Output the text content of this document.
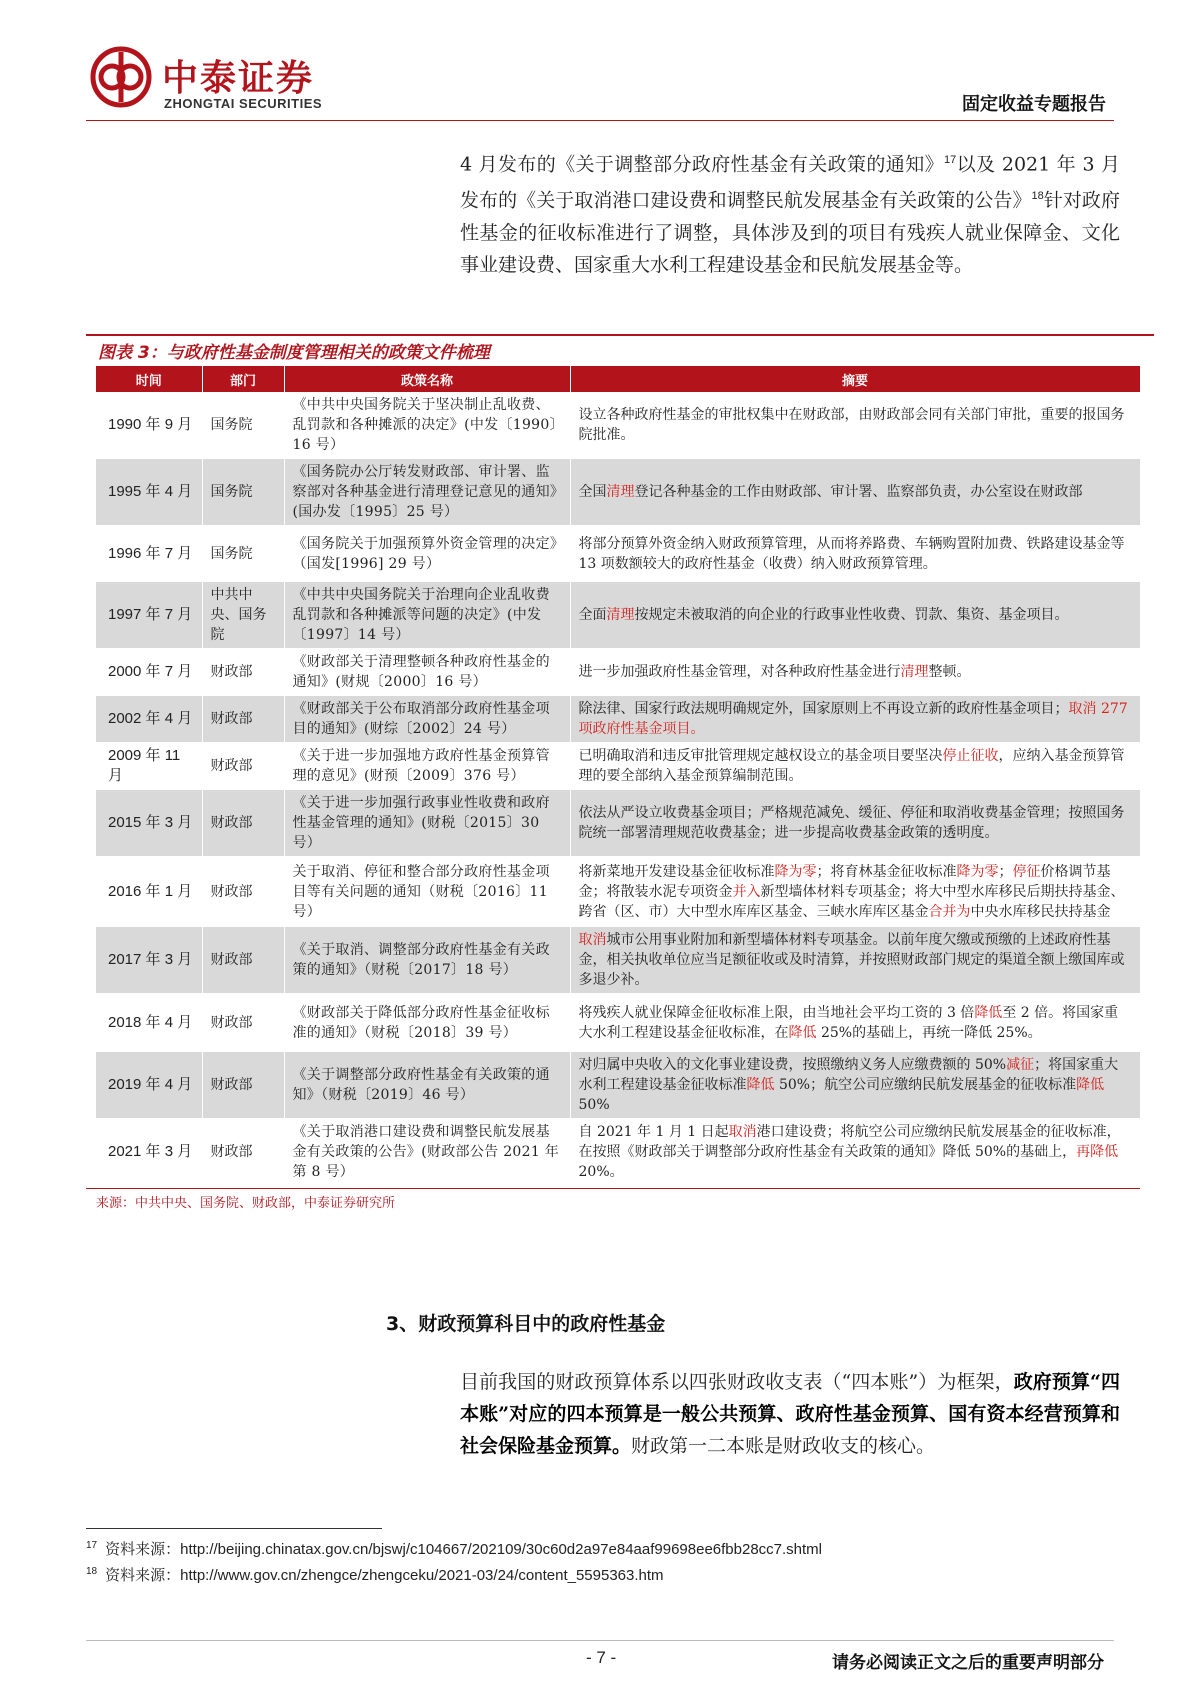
中泰证券
ZHONGTAI SECURITIES	固定收益专题报告
4 月发布的《关于调整部分政府性基金有关政策的通知》$^{17}$以及 2021 年 3 月发布的《关于取消港口建设费和调整民航发展基金有关政策的公告》$^{18}$针对政府性基金的征收标准进行了调整，具体涉及到的项目有残疾人就业保障金、文化事业建设费、国家重大水利工程建设基金和民航发展基金等。
图表 3：与政府性基金制度管理相关的政策文件梳理
时间	部门	政策名称	摘要
1990 年 9 月	国务院	《中共中央国务院关于坚决制止乱收费、乱罚款和各种摊派的决定》(中发〔1990〕16 号）	设立各种政府性基金的审批权集中在财政部，由财政部会同有关部门审批，重要的报国务院批准。
1995 年 4 月	国务院	《国务院办公厅转发财政部、审计署、监察部对各种基金进行清理登记意见的通知》(国办发〔1995〕25 号）	全国清理登记各种基金的工作由财政部、审计署、监察部负责，办公室设在财政部
1996 年 7 月	国务院	《国务院关于加强预算外资金管理的决定》（国发[1996] 29 号）	将部分预算外资金纳入财政预算管理，从而将养路费、车辆购置附加费、铁路建设基金等 13 项数额较大的政府性基金（收费）纳入财政预算管理。
1997 年 7 月	中共中央、国务院	《中共中央国务院关于治理向企业乱收费乱罚款和各种摊派等问题的决定》(中发〔1997〕14 号）	全面清理按规定未被取消的向企业的行政事业性收费、罚款、集资、基金项目。
2000 年 7 月	财政部	《财政部关于清理整顿各种政府性基金的通知》(财规〔2000〕16 号）	进一步加强政府性基金管理，对各种政府性基金进行清理整顿。
2002 年 4 月	财政部	《财政部关于公布取消部分政府性基金项目的通知》(财综〔2002〕24 号）	除法律、国家行政法规明确规定外，国家原则上不再设立新的政府性基金项目；取消 277 项政府性基金项目。
2009 年 11 月	财政部	《关于进一步加强地方政府性基金预算管理的意见》(财预〔2009〕376 号）	已明确取消和违反审批管理规定越权设立的基金项目要坚决停止征收，应纳入基金预算管理的要全部纳入基金预算编制范围。
2015 年 3 月	财政部	《关于进一步加强行政事业性收费和政府性基金管理的通知》(财税〔2015〕30 号）	依法从严设立收费基金项目；严格规范减免、缓征、停征和取消收费基金管理；按照国务院统一部署清理规范收费基金；进一步提高收费基金政策的透明度。
2016 年 1 月	财政部	关于取消、停征和整合部分政府性基金项目等有关问题的通知（财税〔2016〕11 号）	将新菜地开发建设基金征收标准降为零；将育林基金征收标准降为零；停征价格调节基金；将散装水泥专项资金并入新型墙体材料专项基金；将大中型水库移民后期扶持基金、跨省（区、市）大中型水库库区基金、三峡水库库区基金合并为中央水库移民扶持基金
2017 年 3 月	财政部	《关于取消、调整部分政府性基金有关政策的通知》（财税〔2017〕18 号）	取消城市公用事业附加和新型墙体材料专项基金。以前年度欠缴或预缴的上述政府性基金，相关执收单位应当足额征收或及时清算，并按照财政部门规定的渠道全额上缴国库或多退少补。
2018 年 4 月	财政部	《财政部关于降低部分政府性基金征收标准的通知》（财税〔2018〕39 号）	将残疾人就业保障金征收标准上限，由当地社会平均工资的 3 倍降低至 2 倍。将国家重大水利工程建设基金征收标准，在降低 25%的基础上，再统一降低 25%。
2019 年 4 月	财政部	《关于调整部分政府性基金有关政策的通知》（财税〔2019〕46 号）	对归属中央收入的文化事业建设费，按照缴纳义务人应缴费额的 50%减征；将国家重大水利工程建设基金征收标准降低 50%；航空公司应缴纳民航发展基金的征收标准降低 50%
2021 年 3 月	财政部	《关于取消港口建设费和调整民航发展基金有关政策的公告》(财政部公告 2021 年第 8 号）	自 2021 年 1 月 1 日起取消港口建设费；将航空公司应缴纳民航发展基金的征收标准，在按照《财政部关于调整部分政府性基金有关政策的通知》降低 50%的基础上，再降低 20%。
来源：中共中央、国务院、财政部，中泰证券研究所
3、财政预算科目中的政府性基金
目前我国的财政预算体系以四张财政收支表（“四本账”）为框架，政府预算“四本账”对应的四本预算是一般公共预算、政府性基金预算、国有资本经营预算和社会保险基金预算。财政第一二本账是财政收支的核心。
$^{17}$ 资料来源：http://beijing.chinatax.gov.cn/bjswj/c104667/202109/30c60d2a97e84aaf99698ee6fbb28cc7.shtml
$^{18}$ 资料来源：http://www.gov.cn/zhengce/zhengceku/2021-03/24/content_5595363.htm
- 7 -	请务必阅读正文之后的重要声明部分
